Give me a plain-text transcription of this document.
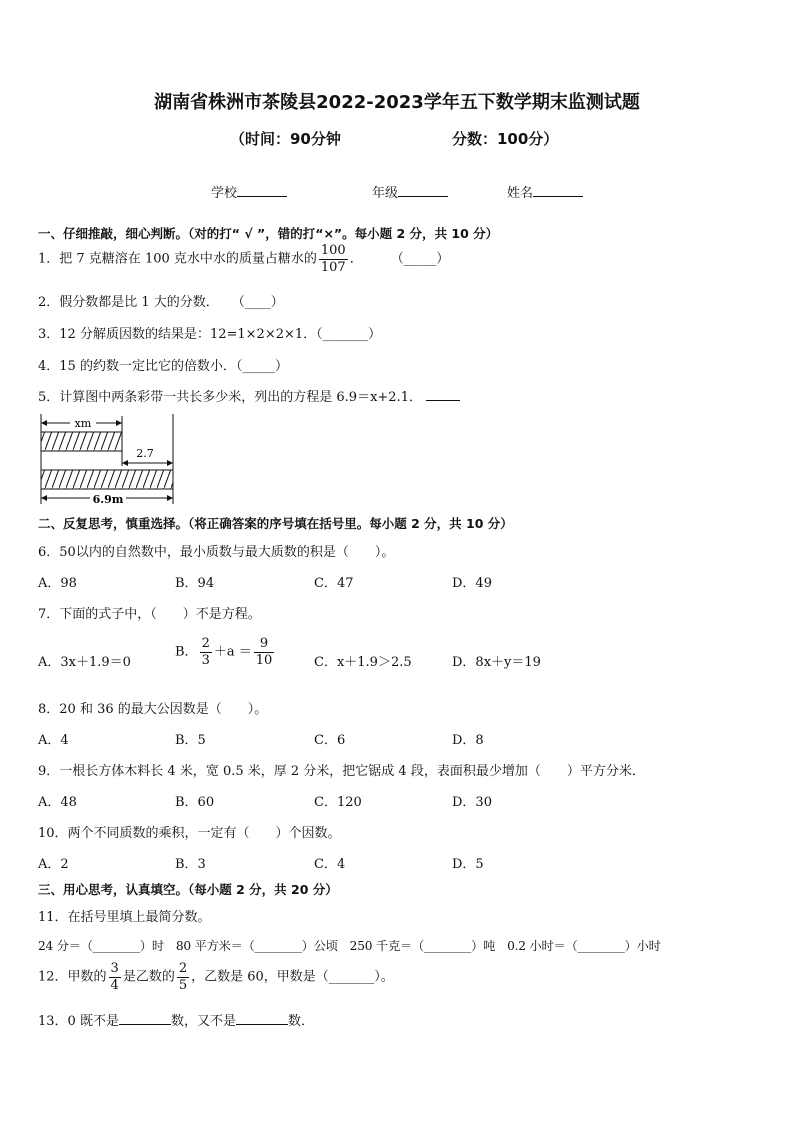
湖南省株洲市茶陵县2022-2023学年五下数学期末监测试题
（时间：90分钟	分数：100分）
学校	年级	姓名
一、仔细推敲，细心判断。（对的打“ √ ”，错的打“×”。每小题 2 分，共 10 分）
1．把 7 克糖溶在 100 克水中水的质量占糖水的 $\frac{100}{107}$ ． （_____）
2．假分数都是比 1 大的分数．　　（____）
3．12 分解质因数的结果是：12=1×2×2×1．（_______）
4．15 的约数一定比它的倍数小．（_____）
5．计算图中两条彩带一共长多少米，列出的方程是 6.9＝x+2.1．
xm
2.7
6.9m
二、反复思考，慎重选择。（将正确答案的序号填在括号里。每小题 2 分，共 10 分）
6．50以内的自然数中，最小质数与最大质数的积是（　　）。
A．98	B．94	C．47	D．49
7．下面的式子中，（　　）不是方程。
A．3x＋1.9＝0
B． $\frac{2}{3} +a = \frac{9}{10}$	C．x＋1.9＞2.5	D．8x＋y＝19
8．20 和 36 的最大公因数是（　　）。
A．4	B．5	C．6	D．8
9．一根长方体木料长 4 米，宽 0.5 米，厚 2 分米，把它锯成 4 段，表面积最少增加（　　）平方分米．
A．48	B．60	C．120	D．30
10．两个不同质数的乘积，一定有（　　）个因数。
A．2	B．3	C．4	D．5
三、用心思考，认真填空。（每小题 2 分，共 20 分）
11．在括号里填上最简分数。
24 分＝（________）时　80 平方米＝（________）公顷　250 千克＝（________）吨　0.2 小时＝（________）小时
12．甲数的 $\frac{3}{4}$ 是乙数的 $\frac{2}{5}$ ，乙数是 60，甲数是（_______）。
13．0 既不是	数，又不是	数．
